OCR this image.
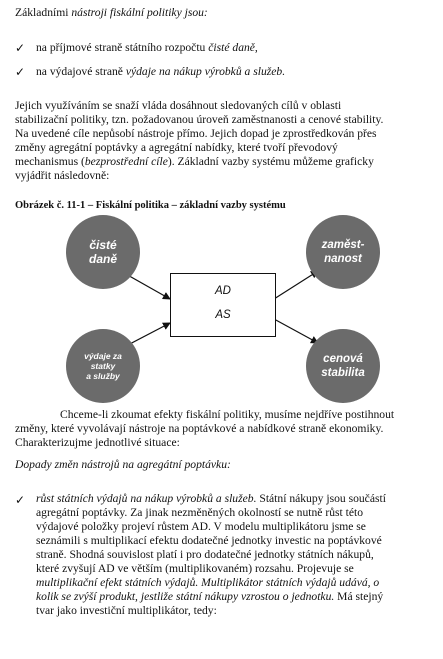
Základními nástroji fiskální politiky jsou:
✓ na příjmové straně státního rozpočtu čisté daně,
✓ na výdajové straně výdaje na nákup výrobků a služeb.
Jejich využíváním se snaží vláda dosáhnout sledovaných cílů v oblasti
stabilizační politiky, tzn. požadovanou úroveň zaměstnanosti a cenové stability.
Na uvedené cíle nepůsobí nástroje přímo. Jejich dopad je zprostředkován přes
změny agregátní poptávky a agregátní nabídky, které tvoří převodový
mechanismus (bezprostřední cíle). Základní vazby systému můžeme graficky
vyjádřit následovně:
Obrázek č. 11-1 – Fiskální politika – základní vazby systému
čisté
daně
výdaje za
statky
a služby
zaměst-
nanost
cenová
stabilita
AD
AS
Chceme-li zkoumat efekty fiskální politiky, musíme nejdříve postihnout
změny, které vyvolávají nástroje na poptávkové a nabídkové straně ekonomiky.
Charakterizujme jednotlivé situace:
Dopady změn nástrojů na agregátní poptávku:
✓ růst státních výdajů na nákup výrobků a služeb. Státní nákupy jsou součástí
agregátní poptávky. Za jinak nezměněných okolností se nutně růst této
výdajové položky projeví růstem AD. V modelu multiplikátoru jsme se
seznámili s multiplikací efektu dodatečné jednotky investic na poptávkové
straně. Shodná souvislost platí i pro dodatečné jednotky státních nákupů,
které zvyšují AD ve větším (multiplikovaném) rozsahu. Projevuje se
multiplikační efekt státních výdajů. Multiplikátor státních výdajů udává, o
kolik se zvýší produkt, jestliže státní nákupy vzrostou o jednotku. Má stejný
tvar jako investiční multiplikátor, tedy:
